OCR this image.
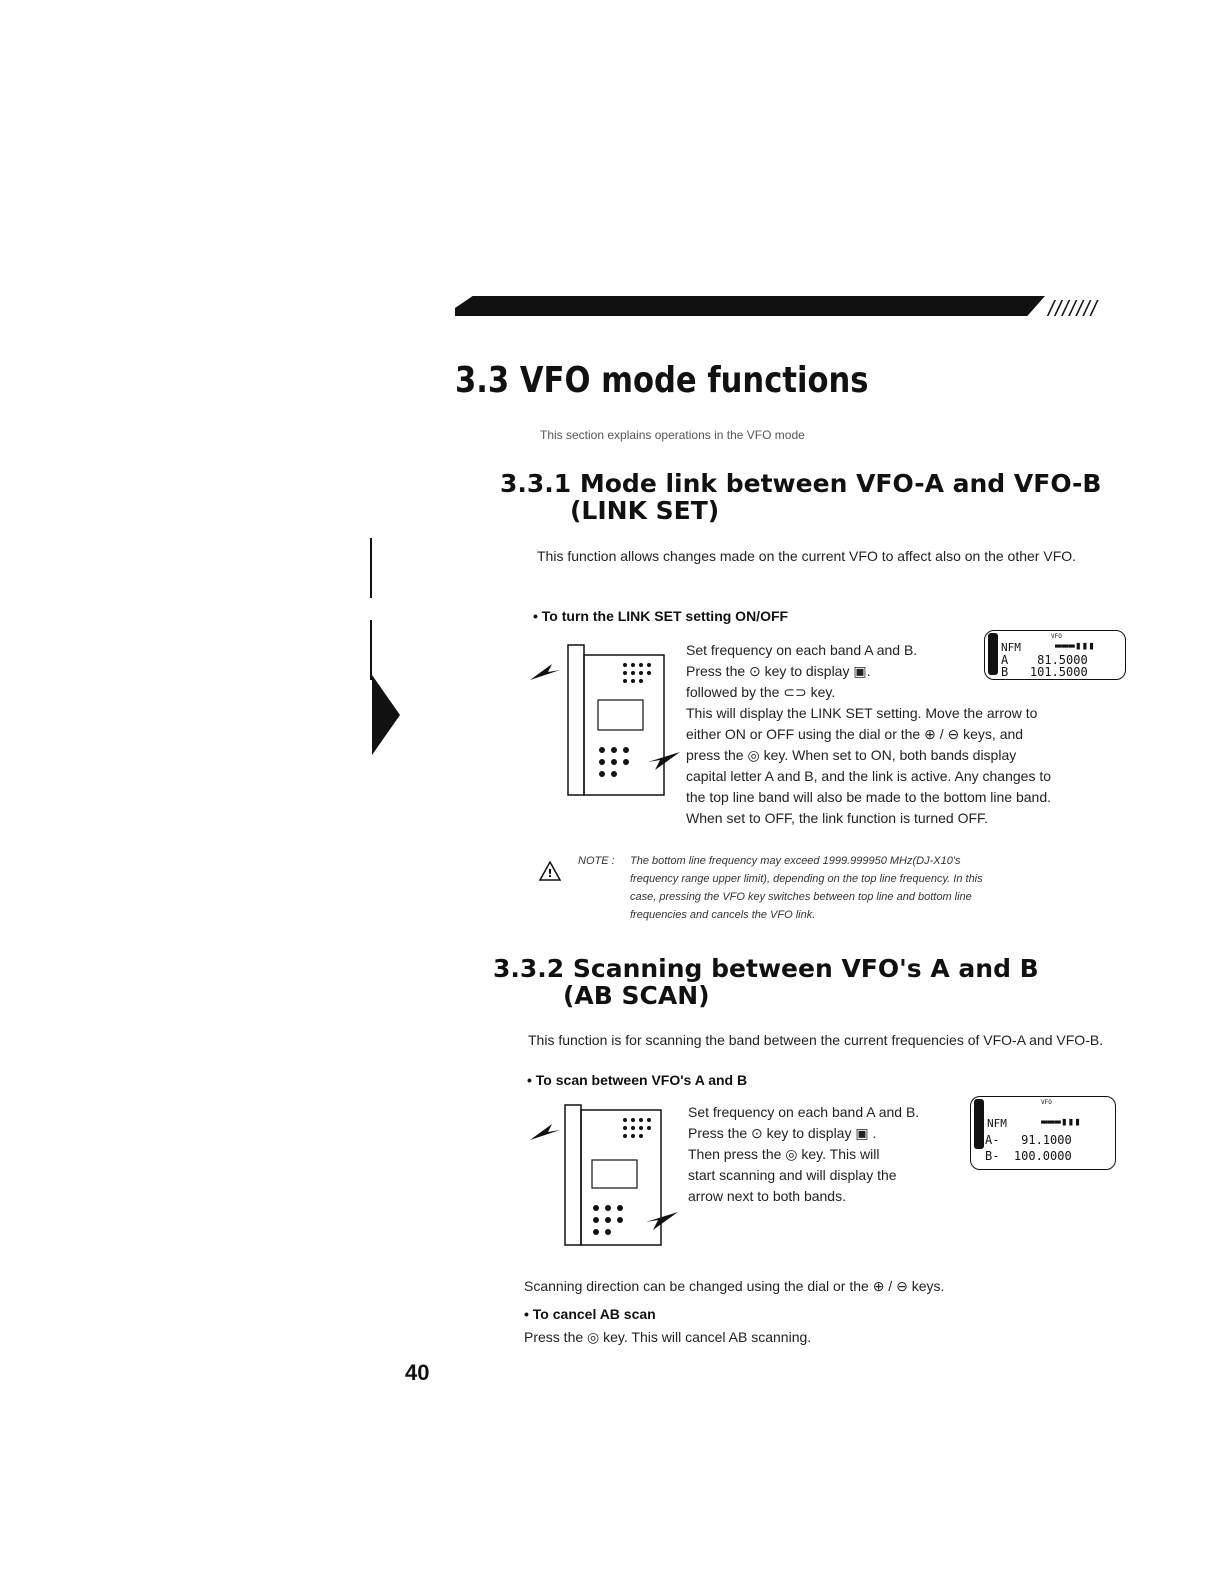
///////
3.3 VFO mode functions
This section explains operations in the VFO mode
3.3.1 Mode link between VFO-A and VFO-B
(LINK SET)
This function allows changes made on the current VFO to affect also on the other VFO.
• To turn the LINK SET setting ON/OFF
Set frequency on each band A and B.
Press the ⊙ key to display ▣.
followed by the ⊂⊃ key.
This will display the LINK SET setting. Move the arrow to
either ON or OFF using the dial or the ⊕ / ⊖ keys, and
press the ◎ key. When set to ON, both bands display
capital letter A and B, and the link is active. Any changes to
the top line band will also be made to the bottom line band.
When set to OFF, the link function is turned OFF.
VFO
NFM	▬▬▬▮▮▮
A    81.5000
B   101.5000
!
NOTE : The bottom line frequency may exceed 1999.999950 MHz(DJ-X10's
frequency range upper limit), depending on the top line frequency. In this
case, pressing the VFO key switches between top line and bottom line
frequencies and cancels the VFO link.
3.3.2 Scanning between VFO's A and B
(AB SCAN)
This function is for scanning the band between the current frequencies of VFO-A and VFO-B.
• To scan between VFO's A and B
Set frequency on each band A and B.
Press the ⊙ key to display ▣ .
Then press the ◎ key. This will
start scanning and will display the
arrow next to both bands.
VFO
NFM	▬▬▬▮▮▮
A-   91.1000
B-  100.0000
Scanning direction can be changed using the dial or the ⊕ / ⊖ keys.
• To cancel AB scan
Press the ◎ key. This will cancel AB scanning.
40
